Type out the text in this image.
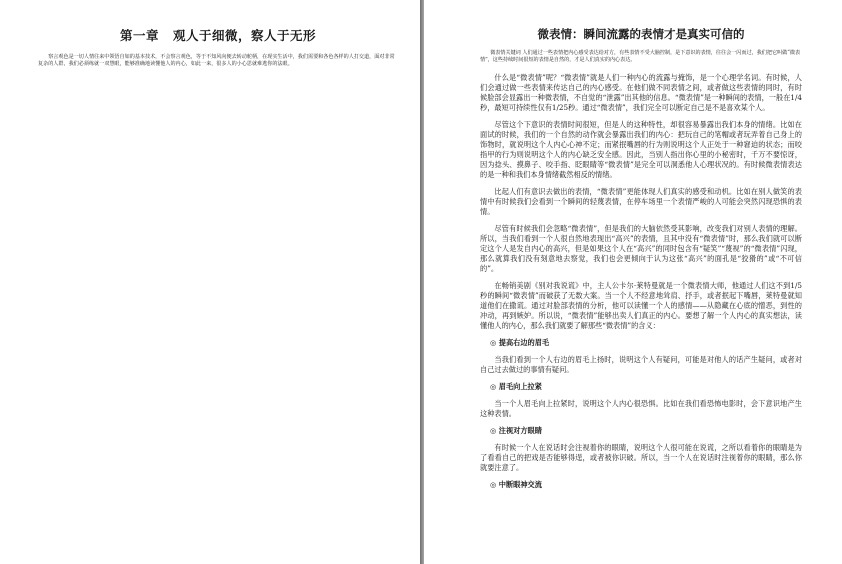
第一章 观人于细微，察人于无形

察言观色是一切人情往来中领悟自如的基本技术，不会察言观色，等于不知风向便去转动舵柄，在现实生活中，我们需要和各色各样的人打交道，面对非常复杂的人群，我们必须练就一双慧眼，能够准确地读懂他人的内心，如此一来，很多人的小心思就难逃你的法眼。

微表情：瞬间流露的表情才是真实可信的

微表情关键词 人们通过一些表情把内心感受表达给对方，有些表情不受大脑控制，是下意识的表情，往往会一闪而过，我们把它叫做“微表情”，这些持续时间很短的表情是自然的，才是人们真实的内心表达。

什么是“微表情”呢？“微表情”就是人们一种内心的流露与掩饰，是一个心理学名词。有时候，人们会通过做一些表情来传达自己的内心感受。在他们做不同表情之间，或者做这些表情的同时，有时候脸部会显露出一种微表情，不自觉的“泄露”出其他的信息。“微表情”是一种瞬间的表情，一般在1/4秒，最短可持续性仅有1/25秒。通过“微表情”，我们完全可以断定自己是不是喜欢某个人。

尽管这个下意识的表情时间很短，但是人的这种特性，却很容易暴露出我们本身的情绪。比如在面试的时候，我们的一个自然的动作就会暴露出我们的内心：把玩自己的笔帽或者玩弄着自己身上的饰物时，就说明这个人内心心神不定；而紧抿嘴唇的行为则说明这个人正处于一种窘迫的状态；而咬指甲的行为则说明这个人的内心缺乏安全感。因此，当别人指出你心里的小秘密时，千万不要惊讶，因为捻头、摸鼻子、咬手指、眨眼睛等“微表情”是完全可以洞悉他人心理状况的。有时候微表情表达的是一种和我们本身情绪截然相反的情绪。

比起人们有意识去做出的表情，“微表情”更能体现人们真实的感受和动机。比如在别人做笑的表情中有时候我们会看到一个瞬间的轻蔑表情，在停车场里一个表情严峻的人可能会突然闪现恐惧的表情。

尽管有时候我们会忽略“微表情”，但是我们的大脑依然受其影响，改变我们对别人表情的理解。所以，当我们看到一个人很自然地表现出“高兴”的表情，且其中没有“微表情”时，那么我们就可以断定这个人是发自内心的高兴，但是如果这个人在“高兴”的同时包含有“疑笑”“蔑视”的“微表情”闪现，那么就算我们没有刻意地去察觉，我们也会更倾向于认为这张“高兴”的面孔是“狡猾的”或“不可信的”。

在畅销美剧《别对我说谎》中，主人公卡尔·莱特曼就是一个微表情大师，他通过人们这不到1/5秒的瞬间“微表情”而破获了无数大案。当一个人不经意地耸肩、抒手，或者抿起下嘴唇，莱特曼就知道他们在撒谎。通过对脸部表情的分析，他可以读懂一个人的感情——从隐藏在心底的憎恶，到性的冲动，再到嫉妒。所以说，“微表情”能够出卖人们真正的内心。要想了解一个人内心的真实想法，读懂他人的内心，那么我们就要了解那些“微表情”的含义：

◎ 提高右边的眉毛

当我们看到一个人右边的眉毛上扬时，说明这个人有疑问，可能是对他人的话产生疑问，或者对自己过去做过的事情有疑问。

◎ 眉毛向上拉紧

当一个人眉毛向上拉紧时，说明这个人内心很恐惧。比如在我们看恐怖电影时，会下意识地产生这种表情。

◎ 注视对方眼睛

有时候一个人在说话时会注视着你的眼睛，说明这个人很可能在说谎，之所以看着你的眼睛是为了看看自己的把戏是否能够得逞，或者被你识破。所以，当一个人在说话时注视着你的眼睛，那么你就要注意了。

◎ 中断眼神交流
